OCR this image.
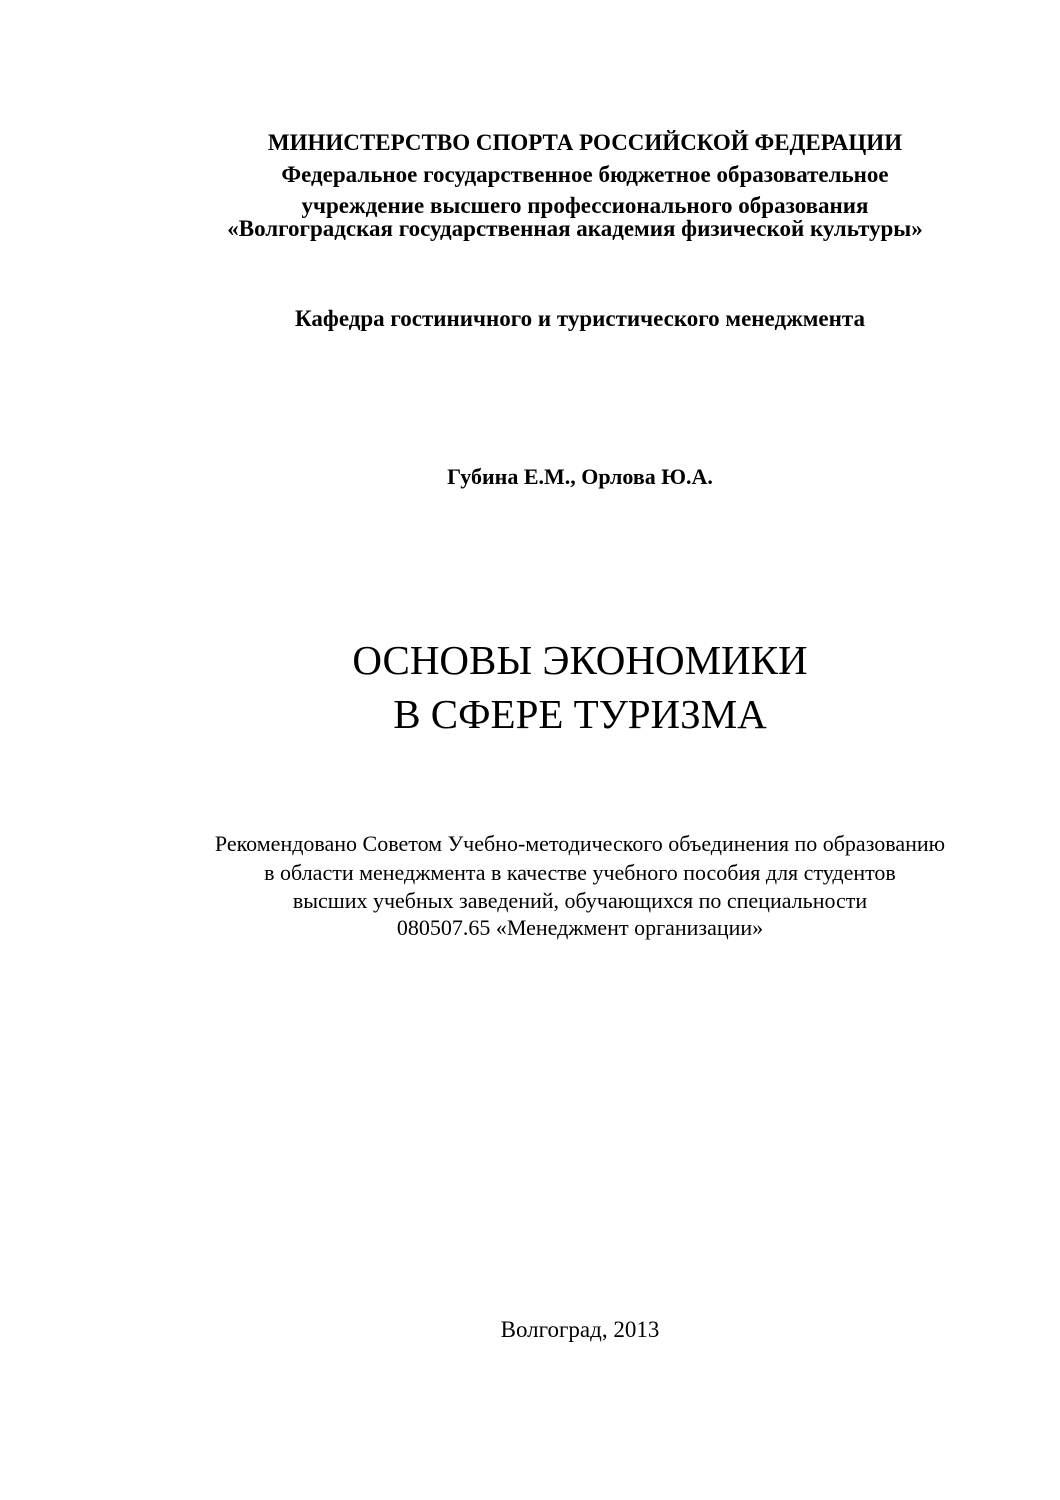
МИНИСТЕРСТВО СПОРТА РОССИЙСКОЙ ФЕДЕРАЦИИ
Федеральное государственное бюджетное образовательное
учреждение высшего профессионального образования
«Волгоградская государственная академия физической культуры»
Кафедра гостиничного и туристического менеджмента
Губина Е.М., Орлова Ю.А.
ОСНОВЫ ЭКОНОМИКИ
В СФЕРЕ ТУРИЗМА
Рекомендовано Советом Учебно-методического объединения по образованию
в области менеджмента в качестве учебного пособия для студентов
высших учебных заведений, обучающихся по специальности
080507.65 «Менеджмент организации»
Волгоград, 2013
